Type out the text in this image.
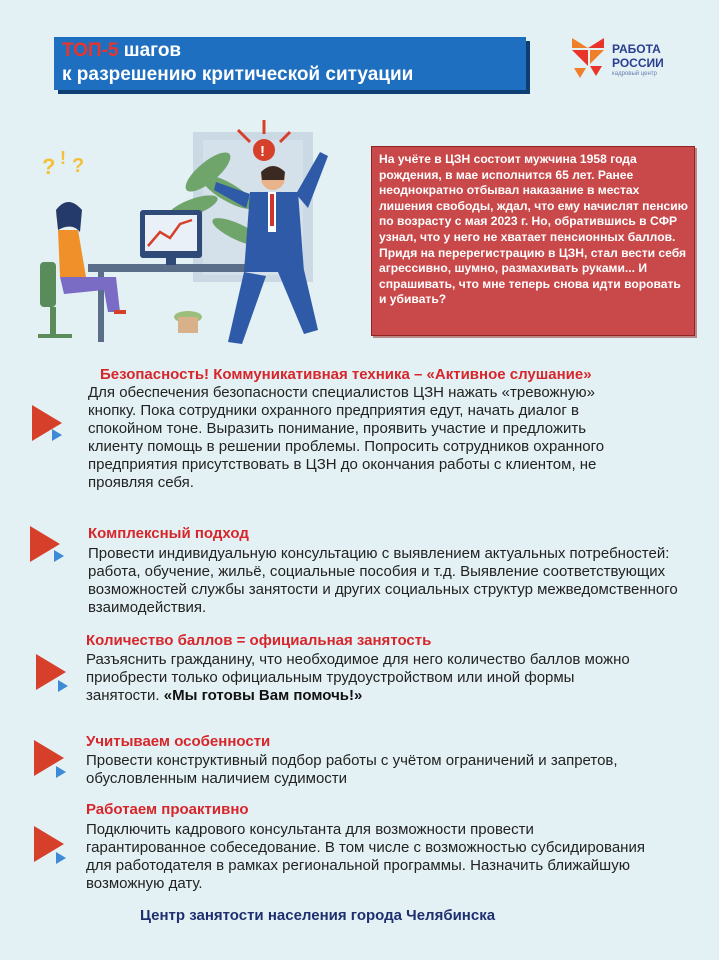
ТОП-5 шагов
к разрешению критической ситуации
РАБОТА
РОССИИ
кадровый центр
? ! ?
!	На учёте в ЦЗН состоит мужчина 1958 года рождения, в мае исполнится 65 лет. Ранее неоднократно отбывал наказание в местах лишения свободы, ждал, что ему начислят пенсию по возрасту с мая 2023 г. Но, обратившись в СФР узнал, что у него не хватает пенсионных баллов. Придя на перерегистрацию в ЦЗН, стал вести себя агрессивно, шумно, размахивать руками... И спрашивать, что мне теперь снова идти воровать и убивать?
Безопасность! Коммуникативная техника – «Активное слушание»
Для обеспечения безопасности специалистов ЦЗН нажать «тревожную» кнопку. Пока сотрудники охранного предприятия едут, начать диалог в спокойном тоне. Выразить понимание, проявить участие и предложить клиенту помощь в решении проблемы. Попросить сотрудников охранного предприятия присутствовать в ЦЗН до окончания работы с клиентом, не проявляя себя.
Комплексный подход
Провести индивидуальную консультацию с выявлением актуальных потребностей: работа, обучение, жильё, социальные пособия и т.д. Выявление соответствующих возможностей службы занятости и других социальных структур межведомственного взаимодействия.
Количество баллов = официальная занятость
Разъяснить гражданину, что необходимое для него количество баллов можно приобрести только официальным трудоустройством или иной формы занятости. «Мы готовы Вам помочь!»
Учитываем особенности
Провести конструктивный подбор работы с учётом ограничений и запретов, обусловленным наличием судимости
Работаем проактивно
Подключить кадрового консультанта для возможности провести гарантированное собеседование. В том числе с возможностью субсидирования для работодателя в рамках региональной программы. Назначить ближайшую возможную дату.
Центр занятости населения города Челябинска
